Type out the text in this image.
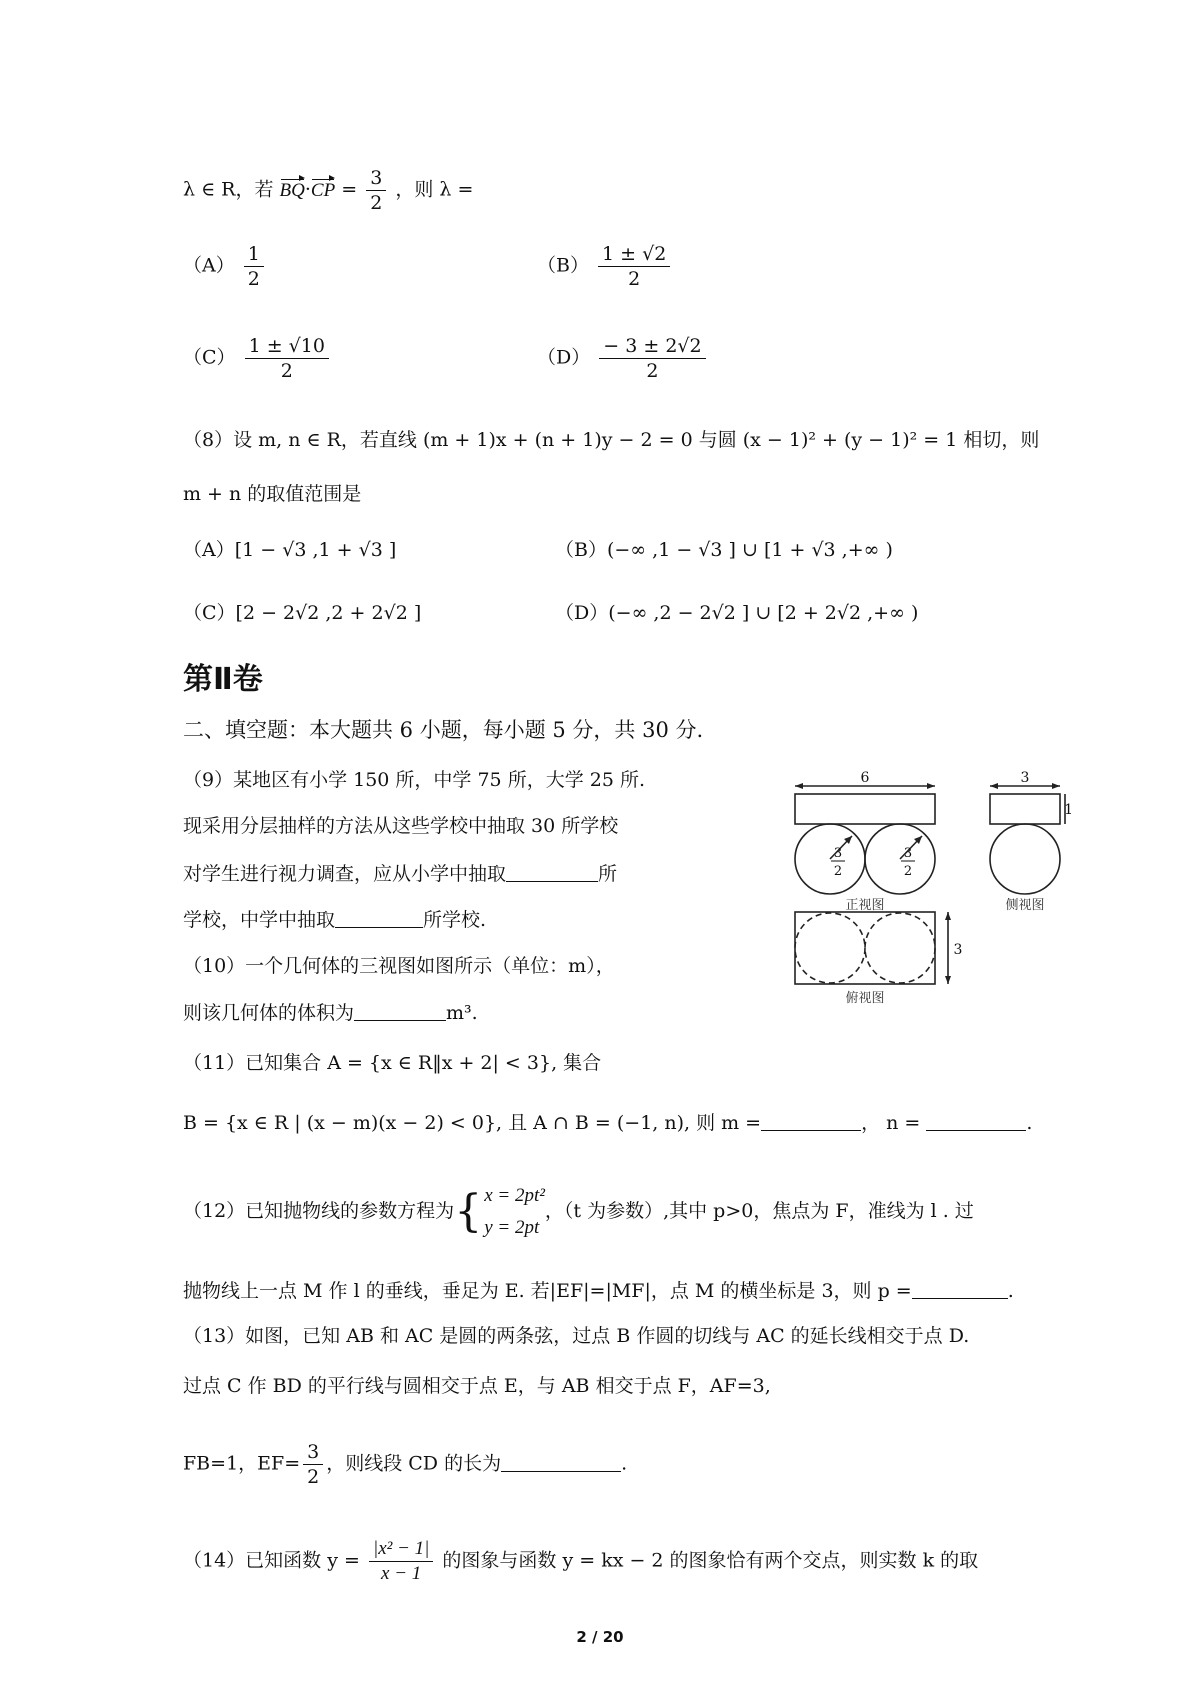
λ ∈ R，若 $BQ\cdot CP = \frac{3}{2}$ ，则 λ =
$(A) \frac{1}{2}$	$(B) \frac{1 \pm √2}{2}$
$(C) \frac{1 \pm √10}{2}$	$(D) \frac{- 3 \pm 2√2}{2}$
（8）设 m, n ∈ R，若直线 (m + 1)x + (n + 1)y − 2 = 0 与圆 (x − 1)² + (y − 1)² = 1 相切，则
m + n 的取值范围是
（A）[1 − √3 ,1 + √3 ]	（B）(−∞ ,1 − √3 ] ∪ [1 + √3 ,+∞ )
（C）[2 − 2√2 ,2 + 2√2 ]	（D）(−∞ ,2 − 2√2 ] ∪ [2 + 2√2 ,+∞ )
第Ⅱ卷
二、填空题：本大题共 6 小题，每小题 5 分，共 30 分.
（9）某地区有小学 150 所，中学 75 所，大学 25 所.
现采用分层抽样的方法从这些学校中抽取 30 所学校
对学生进行视力调查，应从小学中抽取	所
学校，中学中抽取	所学校.
（10）一个几何体的三视图如图所示（单位：m），
则该几何体的体积为	m³.
6	3
1
3
3
2
3
2
正视图	侧视图
俯视图
（11）已知集合 A = {x ∈ R‖x + 2| < 3}, 集合
B = {x ∈ R | (x − m)(x − 2) < 0}, 且 A ∩ B = (−1, n), 则 m =	， n =	.
（12）已知抛物线的参数方程为{ x = 2pt²
y = 2pt
，（t 为参数）,其中 p>0，焦点为 F，准线为 l . 过
抛物线上一点 M 作 l 的垂线，垂足为 E. 若|EF|=|MF|，点 M 的横坐标是 3，则 p =	.
（13）如图，已知 AB 和 AC 是圆的两条弦，过点 B 作圆的切线与 AC 的延长线相交于点 D.
过点 C 作 BD 的平行线与圆相交于点 E，与 AB 相交于点 F，AF=3,
FB=1，$EF= \frac{3}{2}$ ，则线段 CD 的长为	.
（14）已知函数 $y = \frac{\text{|x² − 1|}}{x - 1}$ 的图象与函数 y = kx − 2 的图象恰有两个交点，则实数 k 的取
2 / 20
